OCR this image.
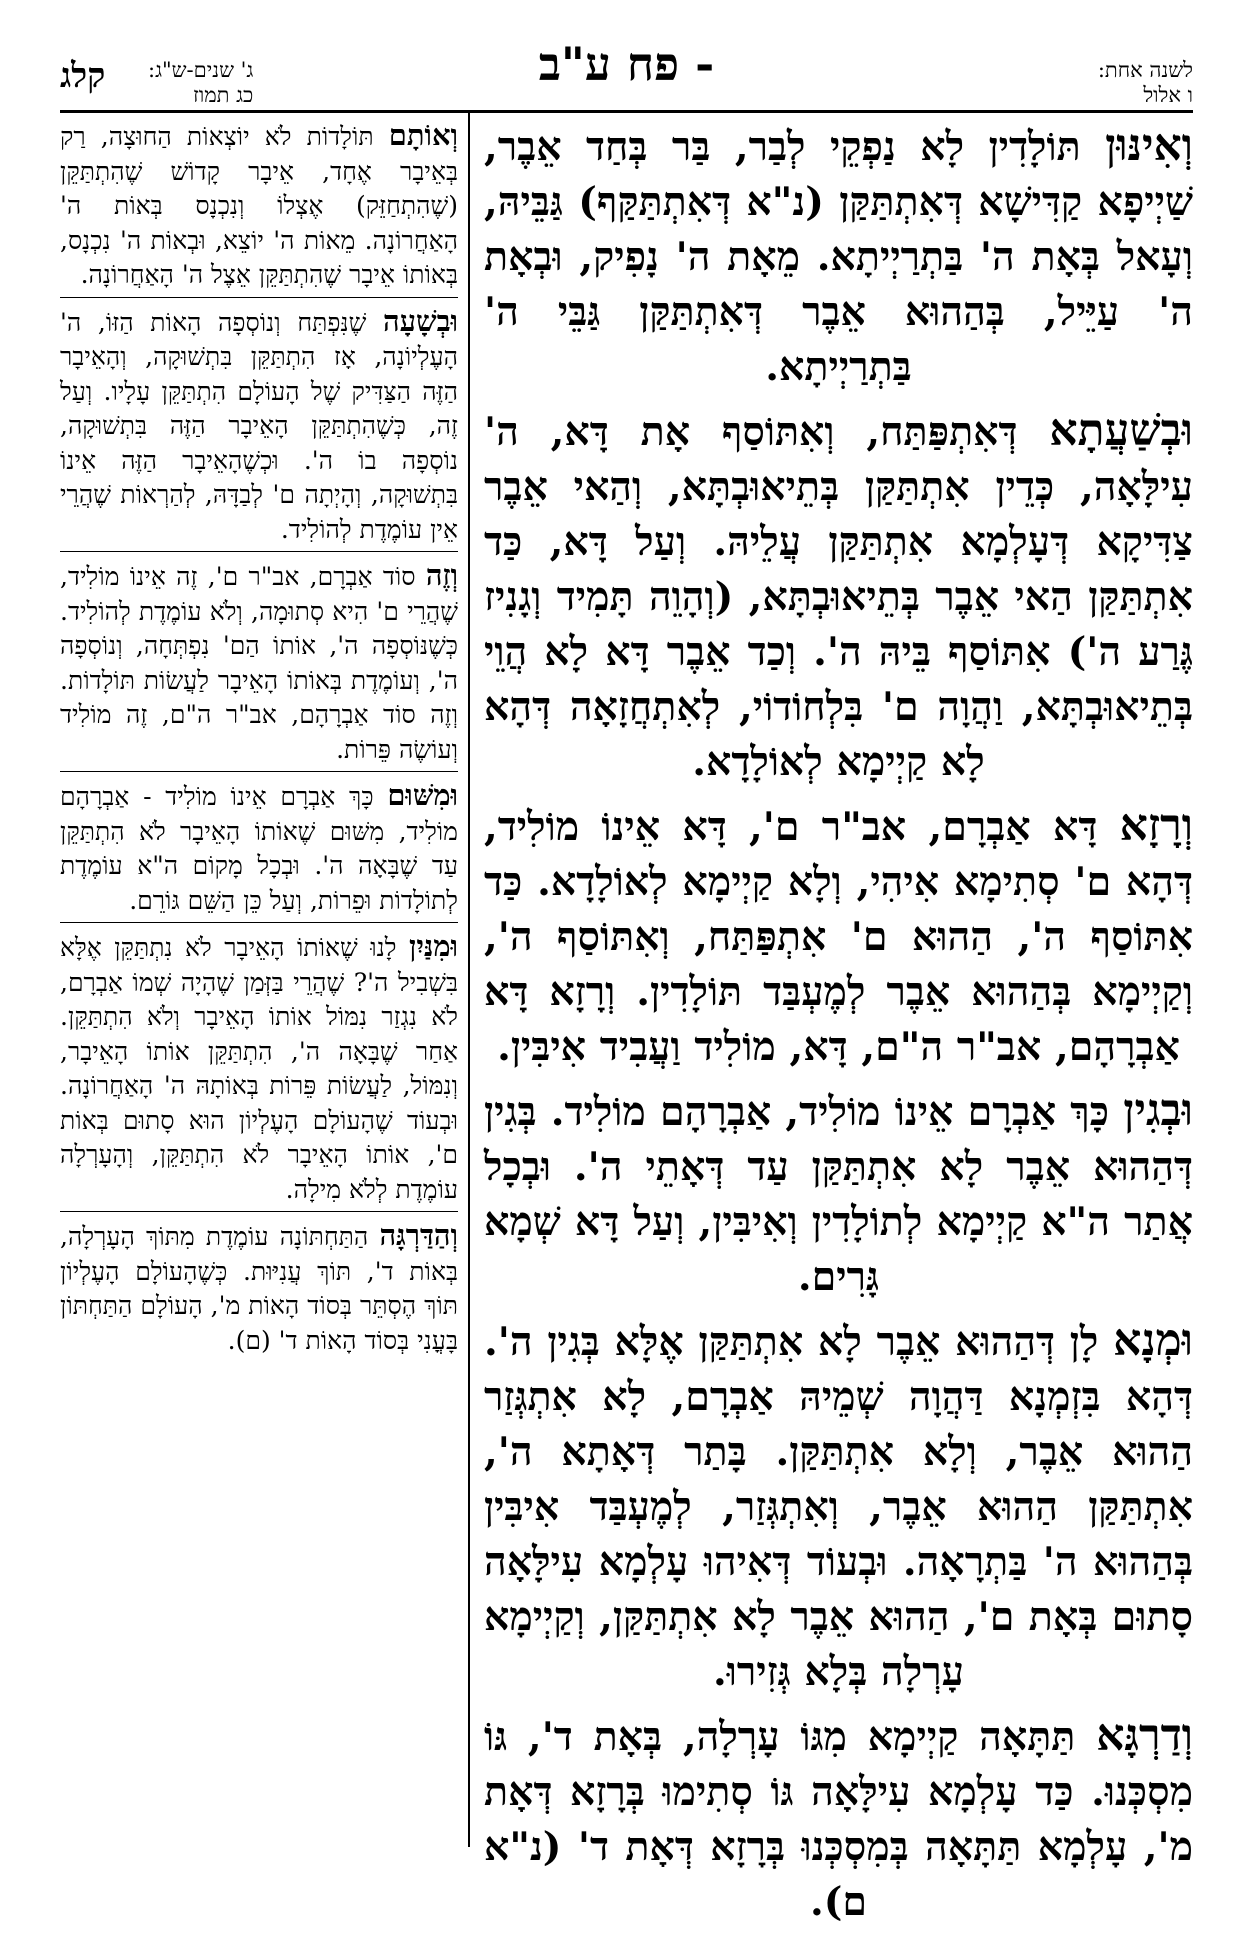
לשנה אחת:
ו אלול
- פח ע"ב
ג' שנים-ש"ג:
כג תמוז
קלג

וְאִינּוּן תּוֹלָדִין לָא נַפְקֵי לְבַר, בַּר בְּחַד אֵבֶר, שַׁיְיפָא קַדִּישָׁא דְּאִתְתַּקַּן (נ"א דְּאִתְתַּקַּף) גַּבֵּיהּ, וְעָאל בְּאָת ה' בַּתְרַיְיתָא. מֵאָת ה' נָפִיק, וּבְאָת ה' עַיֵּיל, בְּהַהוּא אֵבֶר דְּאִתְתַּקַּן גַּבֵּי ה' בַּתְרַיְיתָא.

וּבְשַׁעֲתָא דְּאִתְפַּתַּח, וְאִתּוֹסַף אָת דָּא, ה' עִילָּאָה, כְּדֵין אִתְתַּקַּן בְּתֵיאוּבְתָּא, וְהַאי אֵבֶר צַדִּיקָא דְּעָלְמָא אִתְתַּקַּן עֲלֵיהּ. וְעַל דָּא, כַּד אִתְתַּקַּן הַאי אֵבֶר בְּתֵיאוּבְתָּא, (וְהָוֵה תָּמִיד וְגָנִיז גֶּרַע ה') אִתּוֹסַף בֵּיהּ ה'. וְכַד אֵבֶר דָּא לָא הֲוֵי בְּתֵיאוּבְתָּא, וַהֲוָה ם' בִּלְחוֹדוֹי, לְאִתְחֲזָאָה דְּהָא לָא קַיְימָא לְאוֹלָדָא.

וְרָזָא דָּא אַבְרָם, אב"ר ם', דָּא אֵינוֹ מוֹלִיד, דְּהָא ם' סְתִימָא אִיהִי, וְלָא קַיְימָא לְאוֹלָדָא. כַּד אִתּוֹסַף ה', הַהוּא ם' אִתְפַּתַּח, וְאִתּוֹסַף ה', וְקַיְימָא בְּהַהוּא אֵבֶר לְמֶעְבַּד תּוֹלָדִין. וְרָזָא דָּא אַבְרָהָם, אב"ר ה"ם, דָּא, מוֹלִיד וַעֲבִיד אִיבִּין.

וּבְגִין כָּךְ אַבְרָם אֵינוֹ מוֹלִיד, אַבְרָהָם מוֹלִיד. בְּגִין דְּהַהוּא אֵבֶר לָא אִתְתַּקַּן עַד דְּאָתֵי ה'. וּבְכָל אֲתַר ה"א קַיְימָא לְתוֹלָדִין וְאִיבִּין, וְעַל דָּא שְׁמָא גָּרִים.

וּמְנָא לָן דְּהַהוּא אֵבֶר לָא אִתְתַּקַּן אֶלָּא בְּגִין ה'. דְּהָא בִּזְמְנָא דַּהֲוָה שְׁמֵיהּ אַבְרָם, לָא אִתְגְּזַר הַהוּא אֵבֶר, וְלָא אִתְתַּקַּן. בָּתַר דְּאָתָא ה', אִתְתַּקַּן הַהוּא אֵבֶר, וְאִתְגְּזַר, לְמֶעְבַּד אִיבִּין בְּהַהוּא ה' בַּתְרָאָה. וּבְעוֹד דְּאִיהוּ עָלְמָא עִילָּאָה סָתוּם בְּאָת ם', הַהוּא אֵבֶר לָא אִתְתַּקַּן, וְקַיְימָא עָרְלָה בְּלָא גְּזִירוּ.

וְדַרְגָּא תַּתָּאָה קַיְימָא מִגּוֹ עָרְלָה, בְּאָת ד', גּוֹ מִסְכְּנוּ. כַּד עָלְמָא עִילָּאָה גּוֹ סְתִימוּ בְּרָזָא דְּאָת מ', עָלְמָא תַּתָּאָה בְּמִסְכְּנוּ בְּרָזָא דְּאָת ד' (נ"א ם).

וְאוֹתָם תּוֹלָדוֹת לֹא יוֹצְאוֹת הַחוּצָה, רַק בְּאֵיבָר אֶחָד, אֵיבָר קָדוֹשׁ שֶׁהִתְתַּקֵּן (שֶׁהִתְחַזֵּק) אֶצְלוֹ וְנִכְנָס בְּאוֹת ה' הָאַחֲרוֹנָה. מֵאוֹת ה' יוֹצֵא, וּבְאוֹת ה' נִכְנָס, בְּאוֹתוֹ אֵיבָר שֶׁהִתְתַּקֵּן אֵצֶל ה' הָאַחֲרוֹנָה.

וּבְשָׁעָה שֶׁנִּפְתַּח וְנוֹסְפָה הָאוֹת הַזּוֹ, ה' הָעֶלְיוֹנָה, אָז הִתְתַּקֵּן בִּתְשׁוּקָה, וְהָאֵיבָר הַזֶּה הַצַּדִּיק שֶׁל הָעוֹלָם הִתְתַּקֵּן עָלָיו. וְעַל זֶה, כְּשֶׁהִתְתַּקֵּן הָאֵיבָר הַזֶּה בִּתְשׁוּקָה, נוֹסְפָה בוֹ ה'. וּכְשֶׁהָאֵיבָר הַזֶּה אֵינוֹ בִּתְשׁוּקָה, וְהָיְתָה ם' לְבַדָּהּ, לְהַרְאוֹת שֶׁהֲרֵי אֵין עוֹמֶדֶת לְהוֹלִיד.

וְזֶה סוֹד אַבְרָם, אב"ר ם', זֶה אֵינוֹ מוֹלִיד, שֶׁהֲרֵי ם' הִיא סְתוּמָה, וְלֹא עוֹמֶדֶת לְהוֹלִיד. כְּשֶׁנּוֹסְפָה ה', אוֹתוֹ הַם' נִפְתְּחָה, וְנוֹסְפָה ה', וְעוֹמֶדֶת בְּאוֹתוֹ הָאֵיבָר לַעֲשׂוֹת תּוֹלָדוֹת. וְזֶה סוֹד אַבְרָהָם, אב"ר ה"ם, זֶה מוֹלִיד וְעוֹשֶׂה פֵּרוֹת.

וּמִשּׁוּם כָּךְ אַבְרָם אֵינוֹ מוֹלִיד - אַבְרָהָם מוֹלִיד, מִשּׁוּם שֶׁאוֹתוֹ הָאֵיבָר לֹא הִתְתַּקֵּן עַד שֶׁבָּאָה ה'. וּבְכָל מָקוֹם ה"א עוֹמֶדֶת לְתוֹלָדוֹת וּפֵרוֹת, וְעַל כֵּן הַשֵּׁם גּוֹרֵם.

וּמִנַּיִן לָנוּ שֶׁאוֹתוֹ הָאֵיבָר לֹא נִתְתַּקֵּן אֶלָּא בִּשְׁבִיל ה'? שֶׁהֲרֵי בַּזְּמַן שֶׁהָיָה שְׁמוֹ אַבְרָם, לֹא נִגְזַר נִמּוֹל אוֹתוֹ הָאֵיבָר וְלֹא הִתְתַּקֵּן. אַחַר שֶׁבָּאָה ה', הִתְתַּקֵּן אוֹתוֹ הָאֵיבָר, וְנִמּוֹל, לַעֲשׂוֹת פֵּרוֹת בְּאוֹתָהּ ה' הָאַחֲרוֹנָה. וּבְעוֹד שֶׁהָעוֹלָם הָעֶלְיוֹן הוּא סָתוּם בְּאוֹת ם', אוֹתוֹ הָאֵיבָר לֹא הִתְתַּקֵּן, וְהָעָרְלָה עוֹמֶדֶת לְלֹא מִילָה.

וְהַדַּרְגָּה הַתַּחְתּוֹנָה עוֹמֶדֶת מִתּוֹךְ הָעָרְלָה, בְּאוֹת ד', תּוֹךְ עֲנִיּוּת. כְּשֶׁהָעוֹלָם הָעֶלְיוֹן תּוֹךְ הֶסְתֵּר בְּסוֹד הָאוֹת מ', הָעוֹלָם הַתַּחְתּוֹן בָּעֳנִי בְּסוֹד הָאוֹת ד' (ם).
